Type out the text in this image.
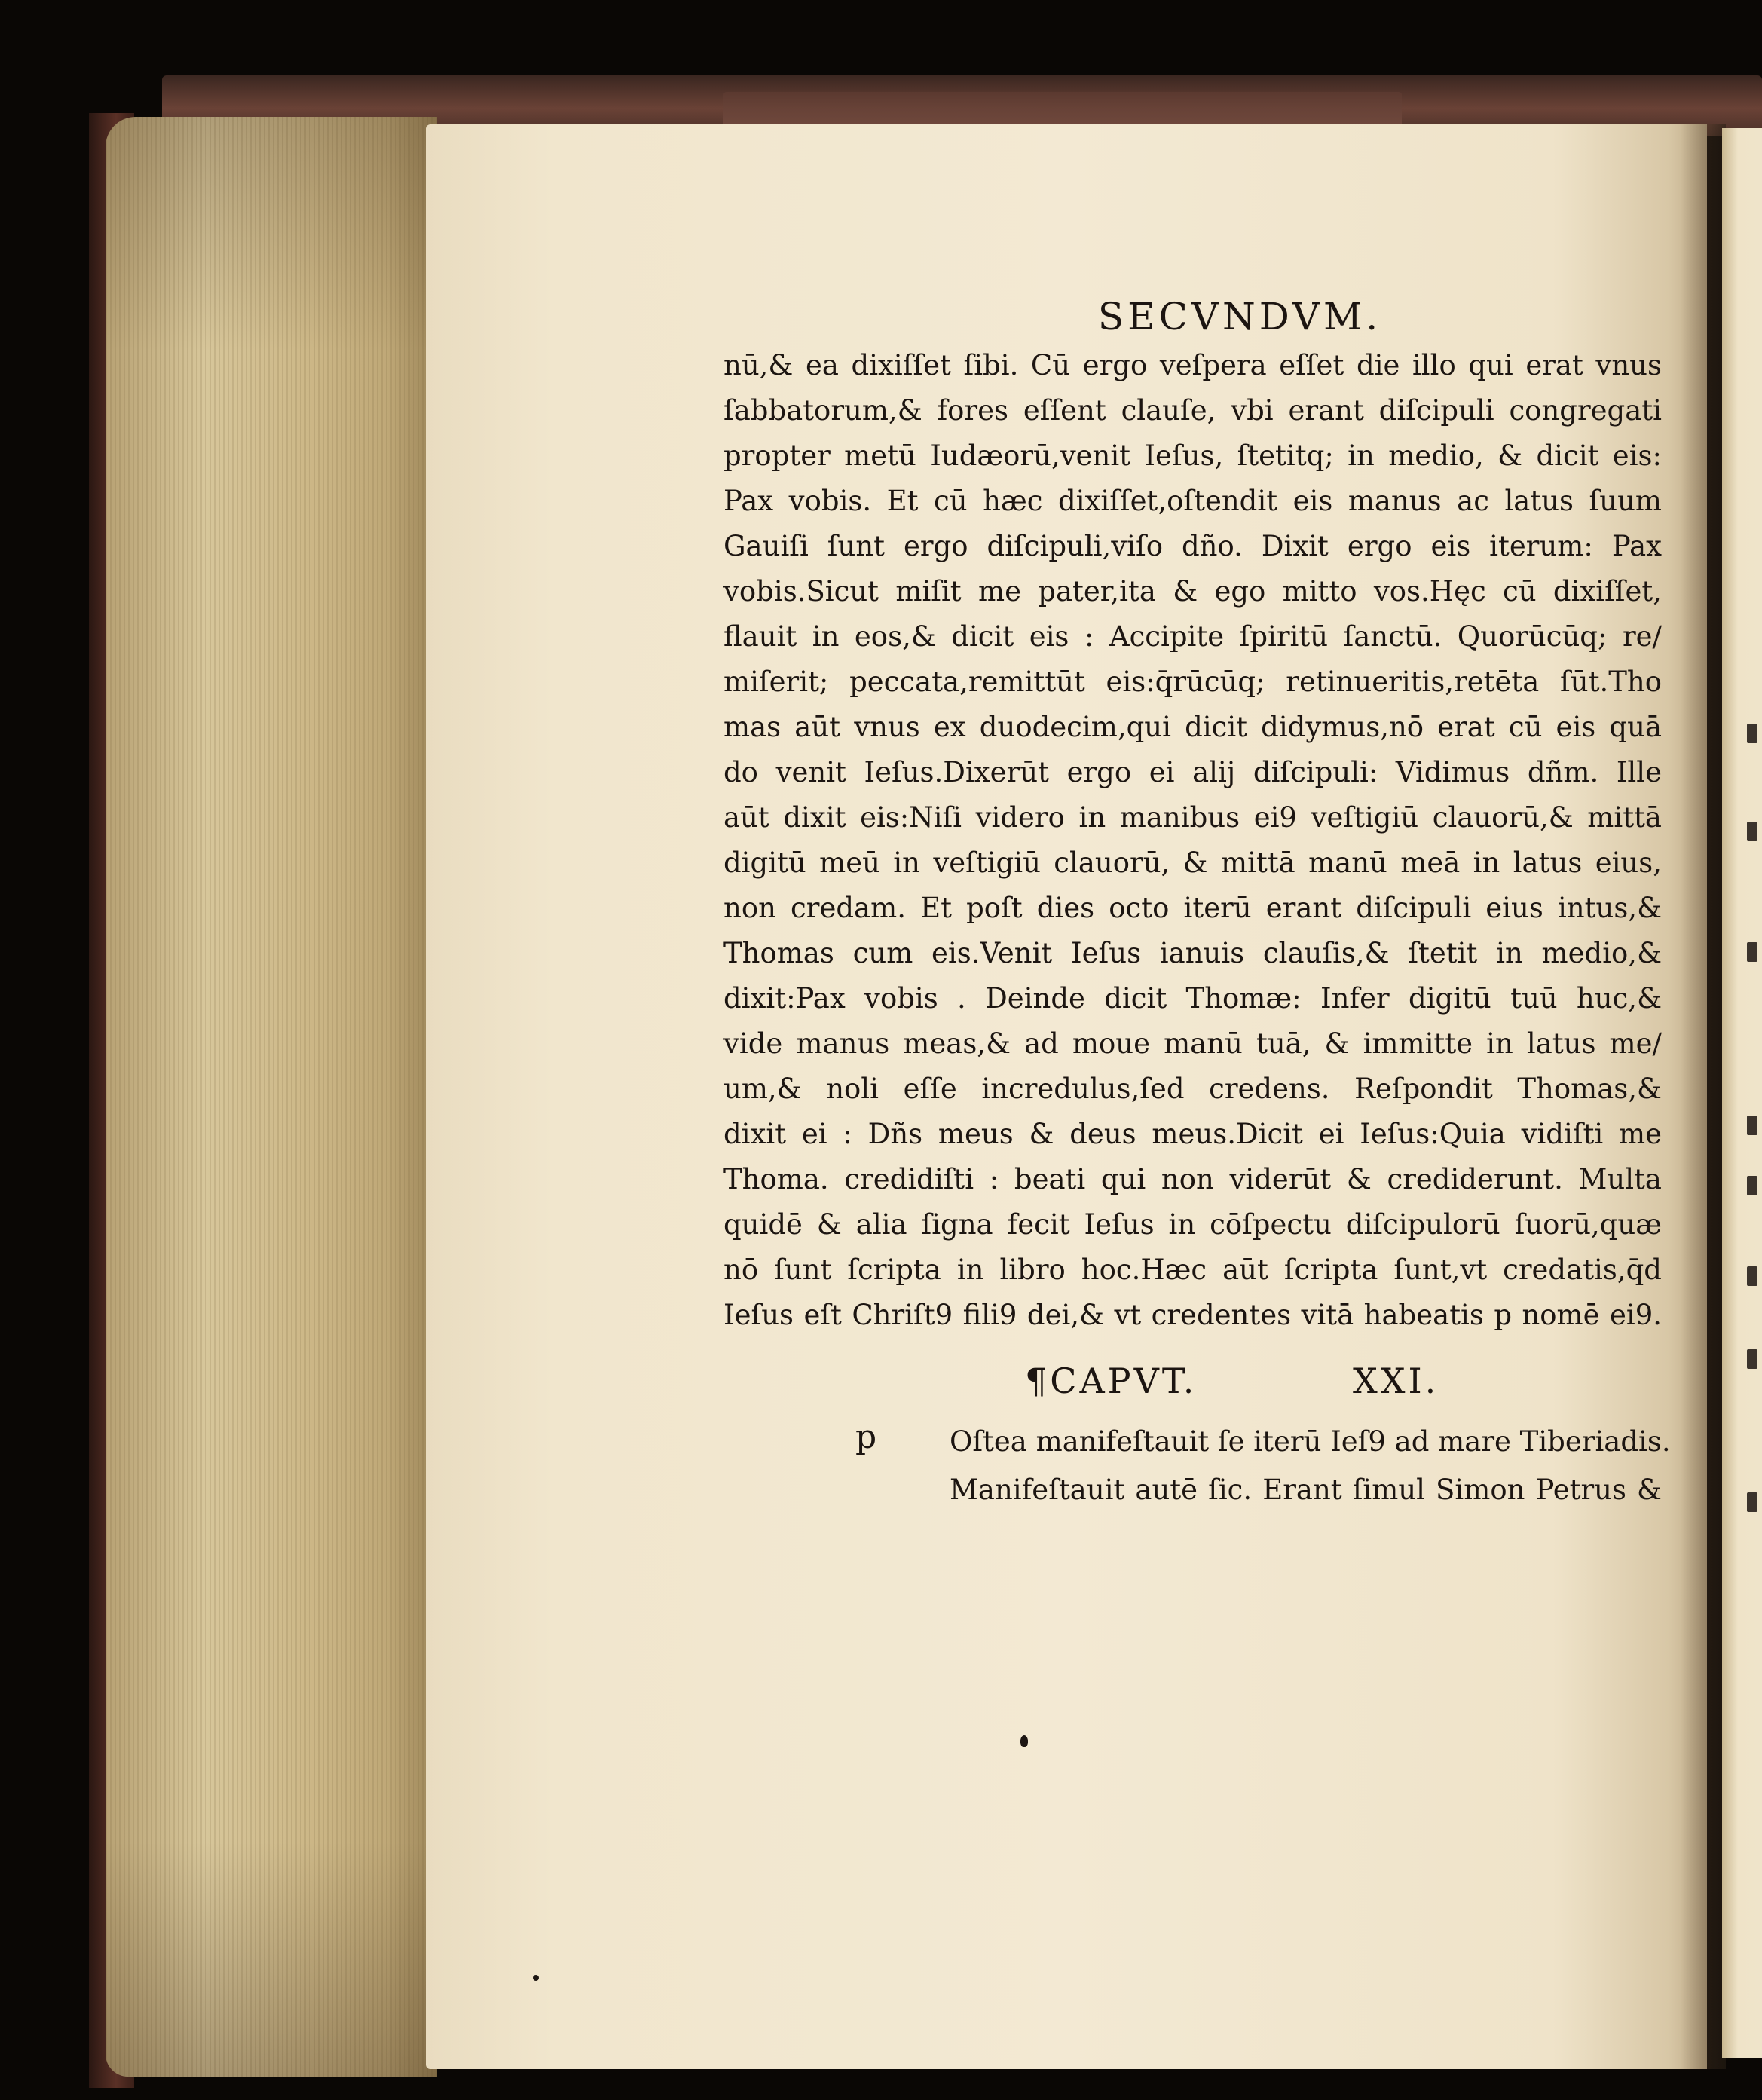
SECVNDVM.
nū,& ea dixiſſet ſibi. Cū ergo veſpera eſſet die illo qui erat vnus
ſabbatorum,& fores eſſent clauſe, vbi erant diſcipuli congregati
propter metū Iudæorū,venit Ieſus, ſtetitq; in medio, & dicit eis:
Pax vobis. Et cū hæc dixiſſet,oſtendit eis manus ac latus ſuum
Gauiſi ſunt ergo diſcipuli,viſo dño. Dixit ergo eis iterum: Pax
vobis.Sicut miſit me pater,ita & ego mitto vos.Hęc cū dixiſſet,
flauit in eos,& dicit eis : Accipite ſpiritū ſanctū. Quorūcūq; re/
miſerit; peccata,remittūt eis:q̄rūcūq; retinueritis,retēta ſūt.Tho
mas aūt vnus ex duodecim,qui dicit didymus,nō erat cū eis quā
do venit Ieſus.Dixerūt ergo ei alij diſcipuli: Vidimus dñm. Ille
aūt dixit eis:Niſi videro in manibus ei9 veſtigiū clauorū,& mittā
digitū meū in veſtigiū clauorū, & mittā manū meā in latus eius,
non credam. Et poſt dies octo iterū erant diſcipuli eius intus,&
Thomas cum eis.Venit Ieſus ianuis clauſis,& ſtetit in medio,&
dixit:Pax vobis . Deinde dicit Thomæ: Infer digitū tuū huc,&
vide manus meas,& ad moue manū tuā, & immitte in latus me/
um,& noli eſſe incredulus,ſed credens. Reſpondit Thomas,&
dixit ei : Dñs meus & deus meus.Dicit ei Ieſus:Quia vidiſti me
Thoma. credidiſti : beati qui non viderūt & crediderunt. Multa
quidē & alia ſigna fecit Ieſus in cōſpectu diſcipulorū ſuorū,quæ
nō ſunt ſcripta in libro hoc.Hæc aūt ſcripta ſunt,vt credatis,q̄d
Ieſus eſt Chriſt9 fili9 dei,& vt credentes vitā habeatis p nomē ei9.
¶CAPVT.	XXI.
p	Oſtea manifeſtauit ſe iterū Ieſ9 ad mare Tiberiadis.
Manifeſtauit autē ſic. Erant ſimul Simon Petrus &
